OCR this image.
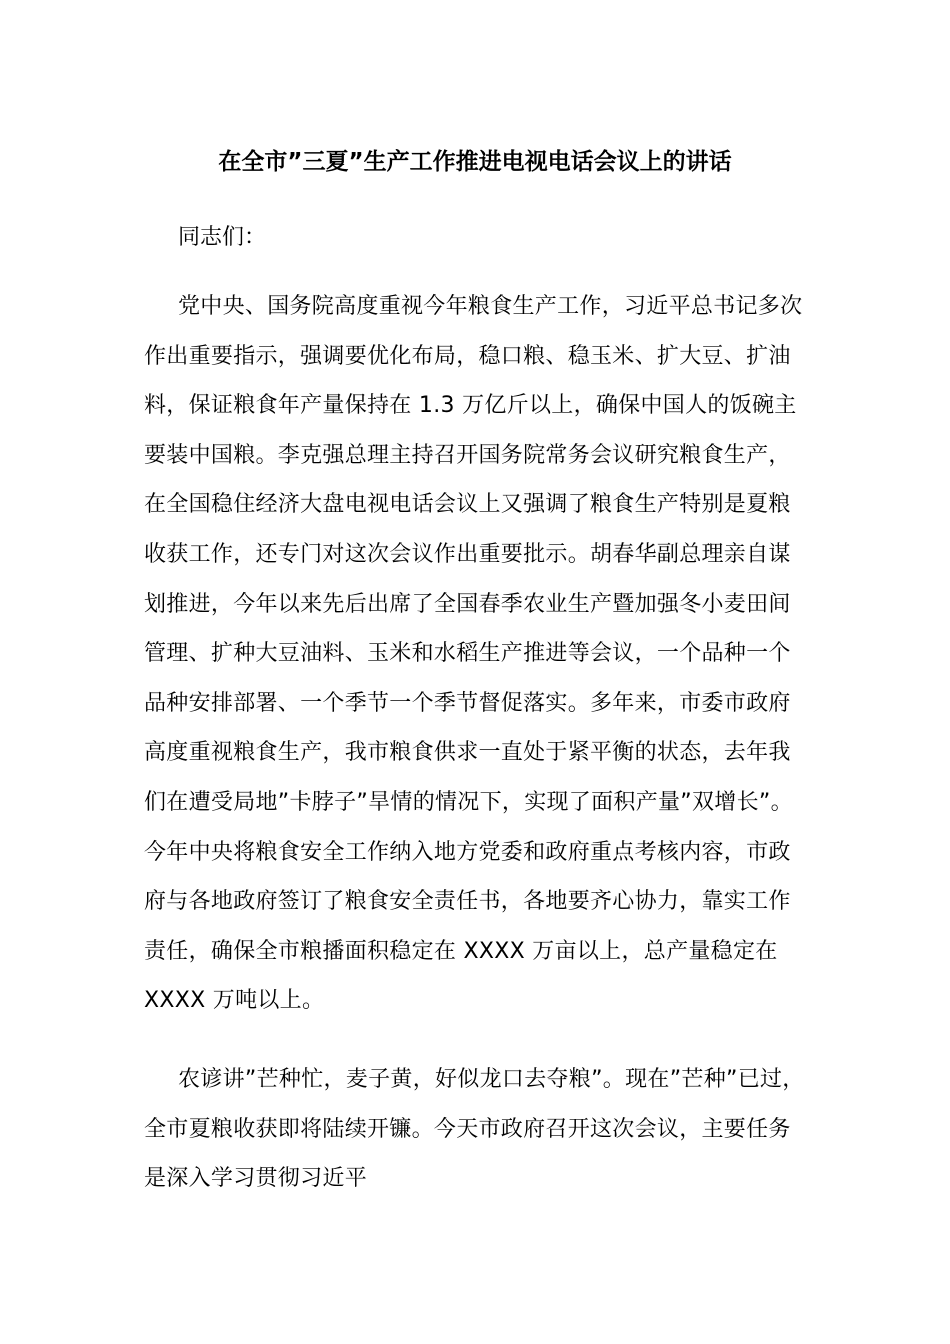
在全市”三夏”生产工作推进电视电话会议上的讲话

同志们：

党中央、国务院高度重视今年粮食生产工作，习近平总书记多次
作出重要指示，强调要优化布局，稳口粮、稳玉米、扩大豆、扩油
料，保证粮食年产量保持在 1.3 万亿斤以上，确保中国人的饭碗主
要装中国粮。李克强总理主持召开国务院常务会议研究粮食生产，
在全国稳住经济大盘电视电话会议上又强调了粮食生产特别是夏粮
收获工作，还专门对这次会议作出重要批示。胡春华副总理亲自谋
划推进，今年以来先后出席了全国春季农业生产暨加强冬小麦田间
管理、扩种大豆油料、玉米和水稻生产推进等会议，一个品种一个
品种安排部署、一个季节一个季节督促落实。多年来，市委市政府
高度重视粮食生产，我市粮食供求一直处于紧平衡的状态，去年我
们在遭受局地”卡脖子”旱情的情况下，实现了面积产量”双增长”。
今年中央将粮食安全工作纳入地方党委和政府重点考核内容，市政
府与各地政府签订了粮食安全责任书，各地要齐心协力，靠实工作
责任，确保全市粮播面积稳定在 XXXX 万亩以上，总产量稳定在
XXXX 万吨以上。
农谚讲”芒种忙，麦子黄，好似龙口去夺粮”。现在”芒种”已过，
全市夏粮收获即将陆续开镰。今天市政府召开这次会议，主要任务
是深入学习贯彻习近平
